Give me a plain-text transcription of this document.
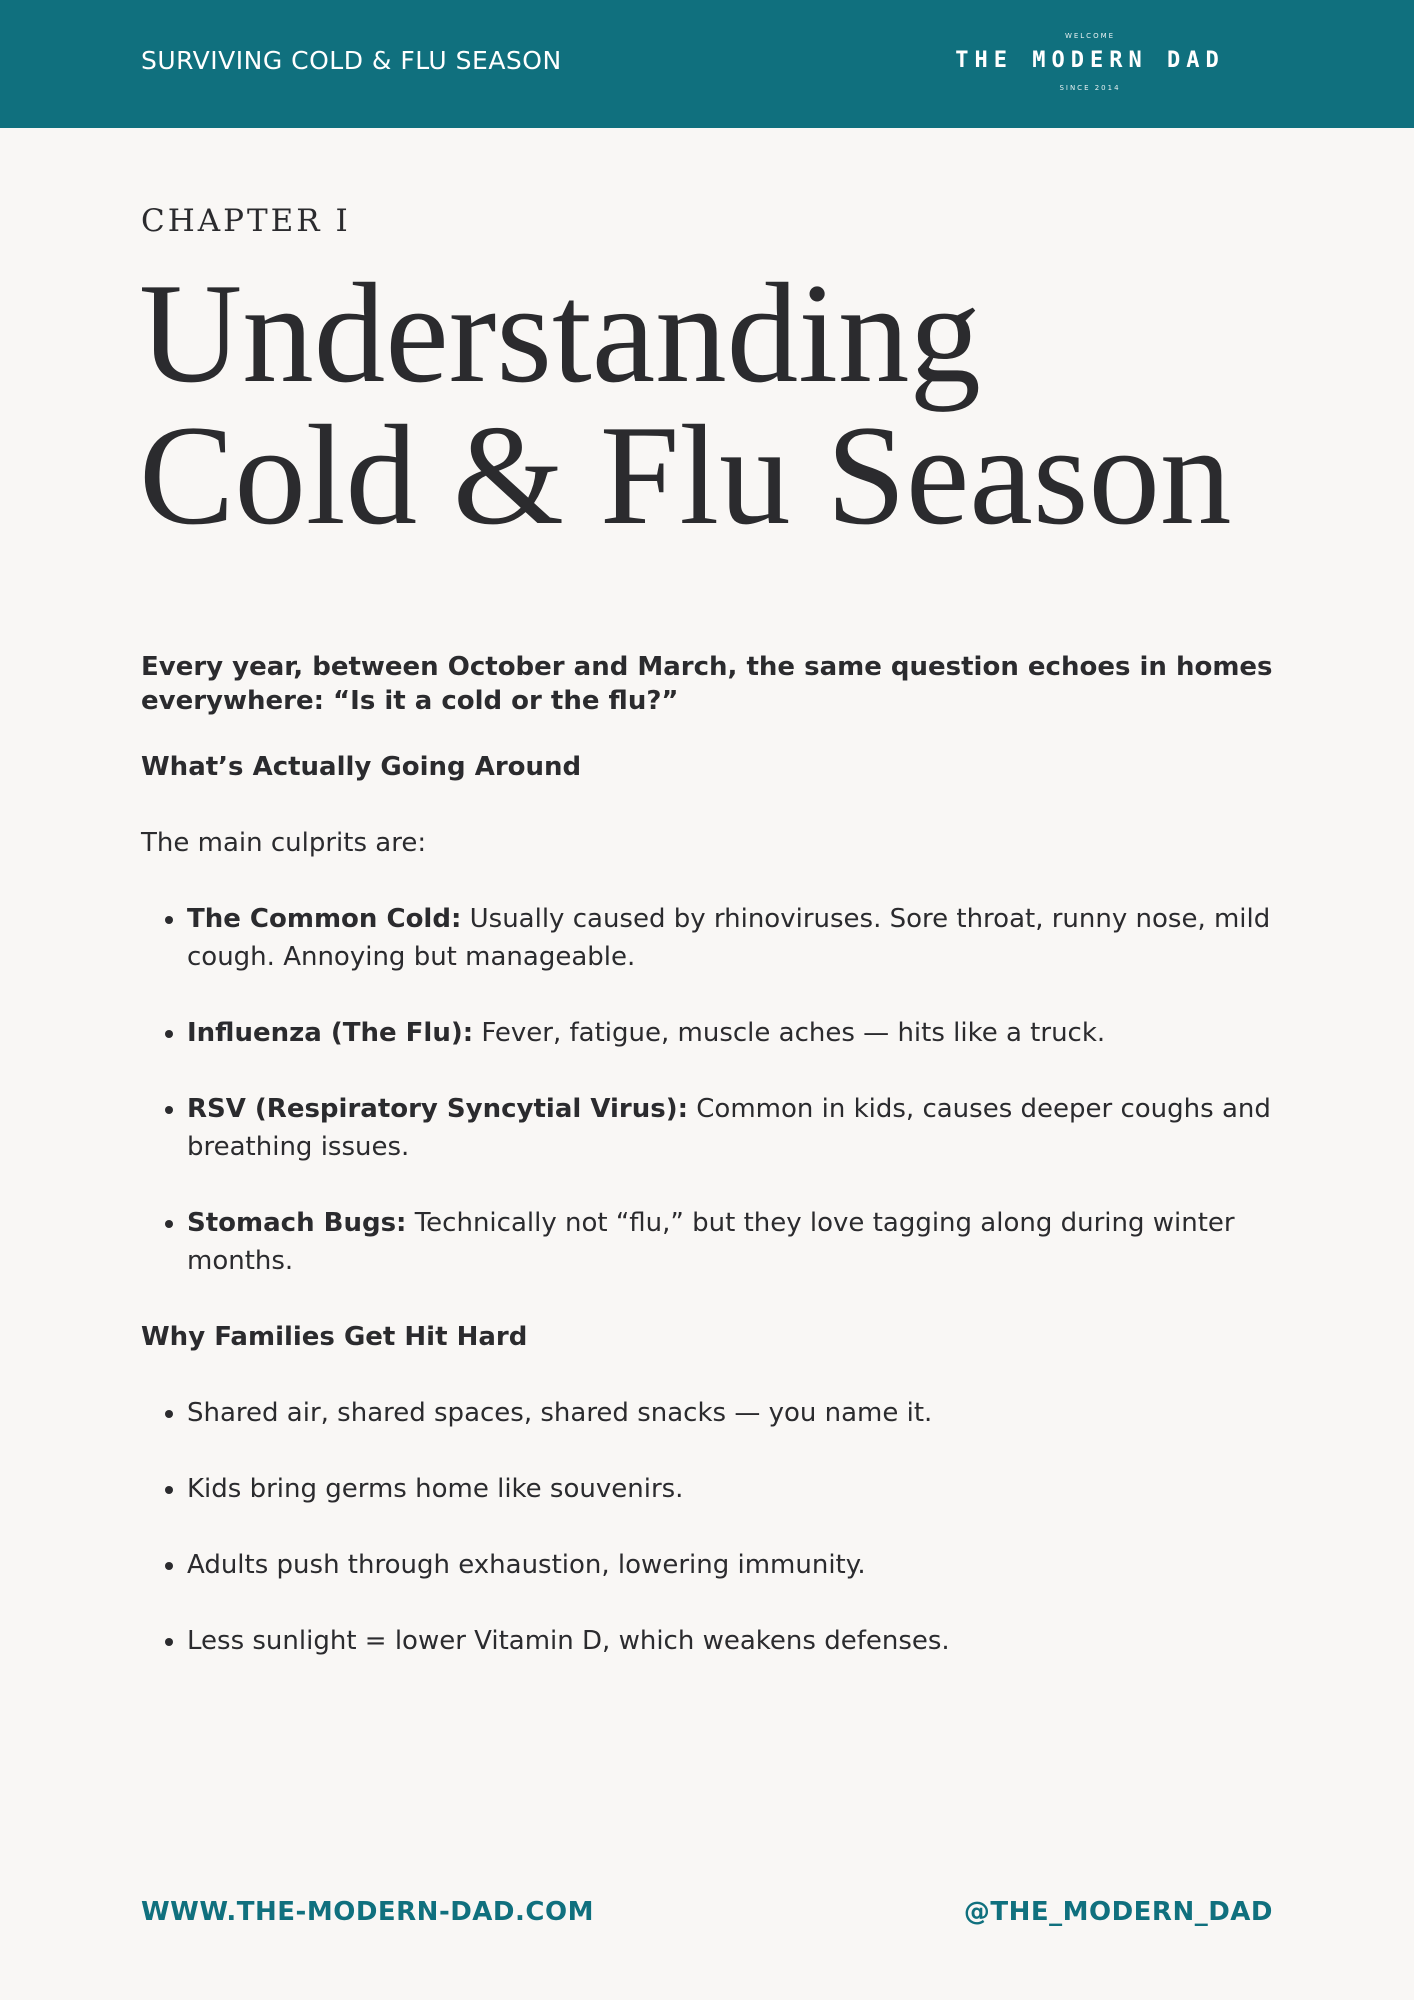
SURVIVING COLD & FLU SEASON
WELCOME
THE MODERN DAD
SINCE 2014
CHAPTER I
Understanding
Cold & Flu Season

Every year, between October and March, the same question echoes in homes everywhere: “Is it a cold or the flu?”

What’s Actually Going Around

The main culprits are:

• The Common Cold: Usually caused by rhinoviruses. Sore throat, runny nose, mild cough. Annoying but manageable.
• Influenza (The Flu): Fever, fatigue, muscle aches — hits like a truck.
• RSV (Respiratory Syncytial Virus): Common in kids, causes deeper coughs and breathing issues.
• Stomach Bugs: Technically not “flu,” but they love tagging along during winter months.

Why Families Get Hit Hard

• Shared air, shared spaces, shared snacks — you name it.
• Kids bring germs home like souvenirs.
• Adults push through exhaustion, lowering immunity.
• Less sunlight = lower Vitamin D, which weakens defenses.
WWW.THE-MODERN-DAD.COM	@THE_MODERN_DAD
